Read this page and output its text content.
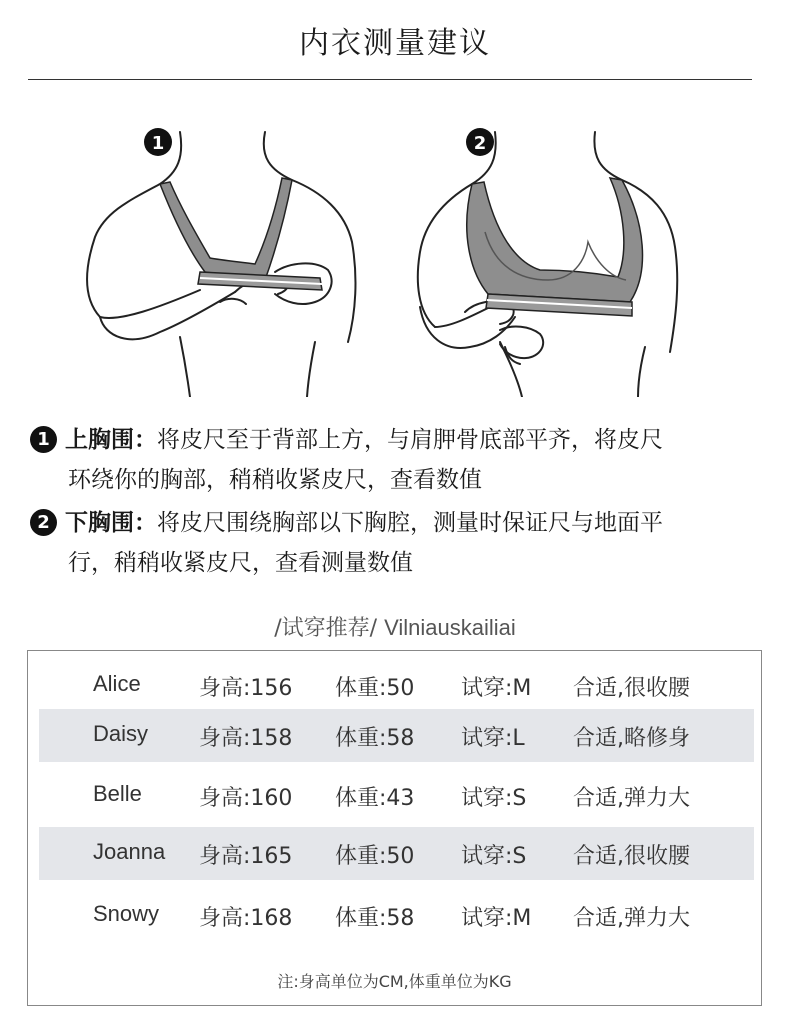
内衣测量建议
1	2
1 上胸围：将皮尺至于背部上方，与肩胛骨底部平齐，将皮尺
环绕你的胸部，稍稍收紧皮尺，查看数值
2 下胸围：将皮尺围绕胸部以下胸腔，测量时保证尺与地面平
行，稍稍收紧皮尺，查看测量数值
/试穿推荐/ Vilniauskailiai
Alice	身高:156 体重:50 试穿:M 合适,很收腰
Daisy 身高:158 体重:58 试穿:L 合适,略修身
Belle	身高:160 体重:43 试穿:S 合适,弹力大
Joanna 身高:165 体重:50 试穿:S 合适,很收腰
Snowy 身高:168 体重:58 试穿:M 合适,弹力大
注:身高单位为CM,体重单位为KG
